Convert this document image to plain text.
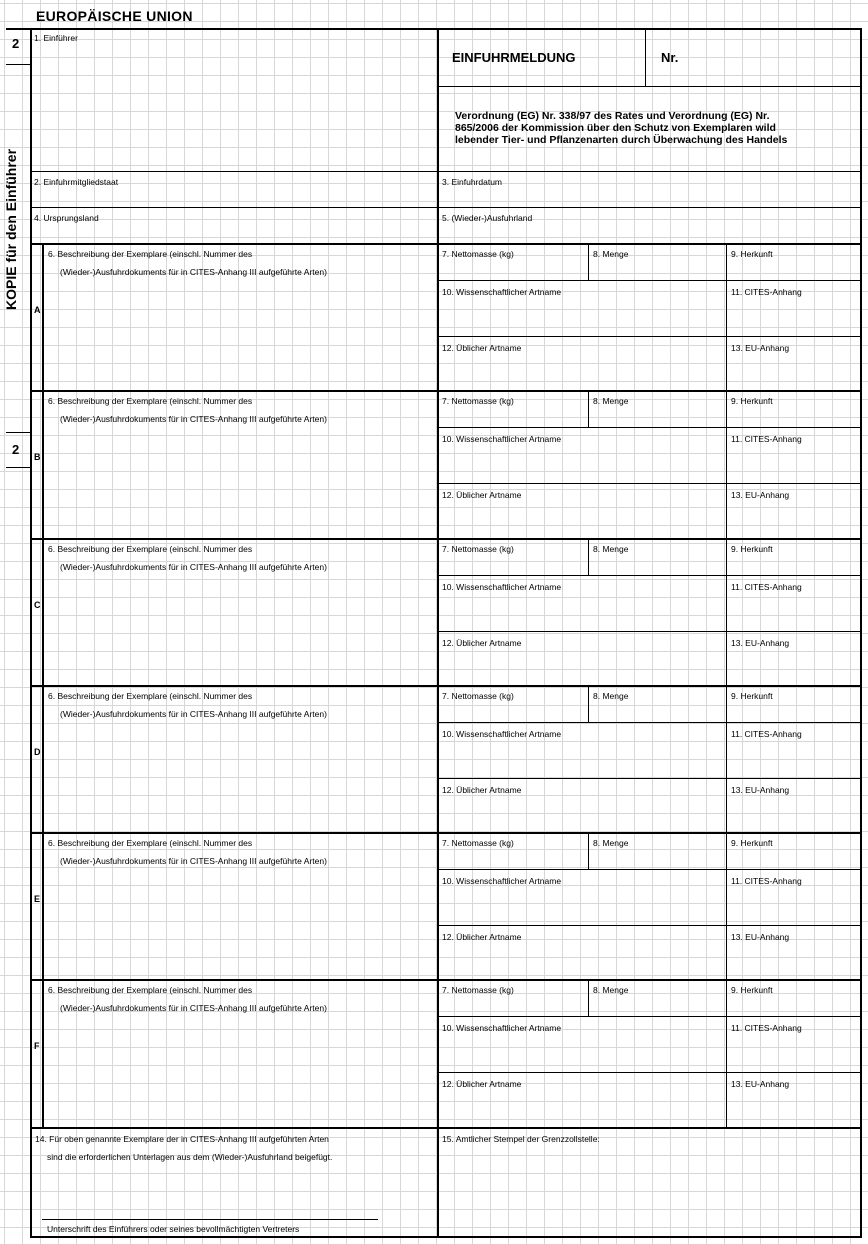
EUROPÄISCHE UNION
2
2
KOPIE für den Einführer
1. Einführer
EINFUHRMELDUNG	Nr.
Verordnung (EG) Nr. 338/97 des Rates und Verordnung (EG) Nr.
865/2006 der Kommission über den Schutz von Exemplaren wild
lebender Tier- und Pflanzenarten durch Überwachung des Handels
2. Einfuhrmitgliedstaat	3. Einfuhrdatum
4. Ursprungsland	5. (Wieder-)Ausfuhrland
A
6. Beschreibung der Exemplare (einschl. Nummer des
(Wieder-)Ausfuhrdokuments für in CITES-Anhang III aufgeführte Arten)
7. Nettomasse (kg)	8. Menge	9. Herkunft
10. Wissenschaftlicher Artname	11. CITES-Anhang
12. Üblicher Artname	13. EU-Anhang
B
6. Beschreibung der Exemplare (einschl. Nummer des
(Wieder-)Ausfuhrdokuments für in CITES-Anhang III aufgeführte Arten)
7. Nettomasse (kg)	8. Menge	9. Herkunft
10. Wissenschaftlicher Artname	11. CITES-Anhang
12. Üblicher Artname	13. EU-Anhang
C
6. Beschreibung der Exemplare (einschl. Nummer des
(Wieder-)Ausfuhrdokuments für in CITES-Anhang III aufgeführte Arten)
7. Nettomasse (kg)	8. Menge	9. Herkunft
10. Wissenschaftlicher Artname	11. CITES-Anhang
12. Üblicher Artname	13. EU-Anhang
D
6. Beschreibung der Exemplare (einschl. Nummer des
(Wieder-)Ausfuhrdokuments für in CITES-Anhang III aufgeführte Arten)
7. Nettomasse (kg)	8. Menge	9. Herkunft
10. Wissenschaftlicher Artname	11. CITES-Anhang
12. Üblicher Artname	13. EU-Anhang
E
6. Beschreibung der Exemplare (einschl. Nummer des
(Wieder-)Ausfuhrdokuments für in CITES-Anhang III aufgeführte Arten)
7. Nettomasse (kg)	8. Menge	9. Herkunft
10. Wissenschaftlicher Artname	11. CITES-Anhang
12. Üblicher Artname	13. EU-Anhang
F
6. Beschreibung der Exemplare (einschl. Nummer des
(Wieder-)Ausfuhrdokuments für in CITES-Anhang III aufgeführte Arten)
7. Nettomasse (kg)	8. Menge	9. Herkunft
10. Wissenschaftlicher Artname	11. CITES-Anhang
12. Üblicher Artname	13. EU-Anhang
14. Für oben genannte Exemplare der in CITES-Anhang III aufgeführten Arten
sind die erforderlichen Unterlagen aus dem (Wieder-)Ausfuhrland beigefügt.
Unterschrift des Einführers oder seines bevollmächtigten Vertreters
15. Amtlicher Stempel der Grenzzollstelle:
